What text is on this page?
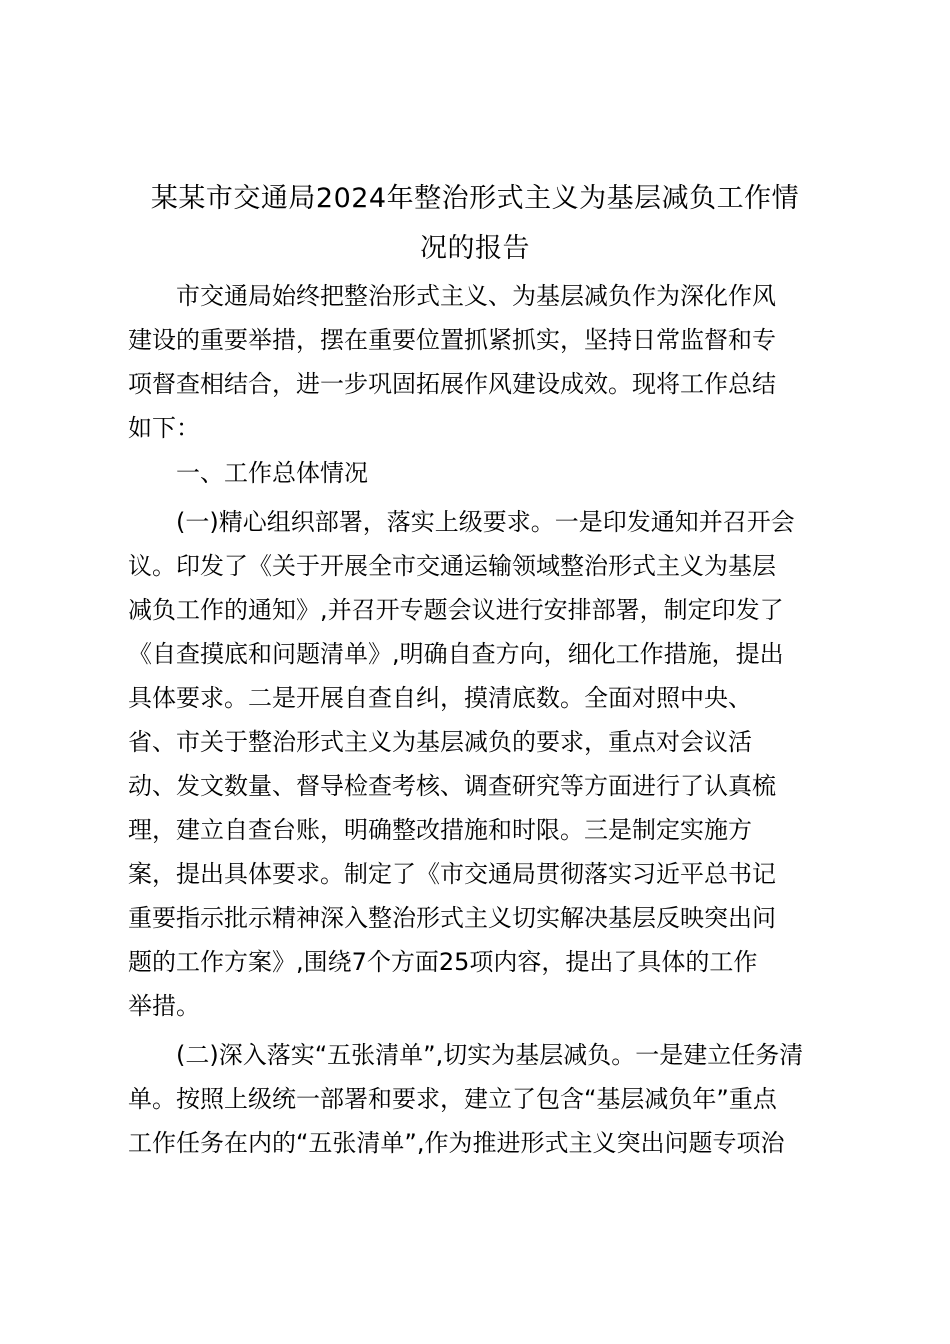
某某市交通局2024年整治形式主义为基层减负工作情
况的报告
市交通局始终把整治形式主义、为基层减负作为深化作风
建设的重要举措，摆在重要位置抓紧抓实，坚持日常监督和专
项督查相结合，进一步巩固拓展作风建设成效。现将工作总结
如下：
一、工作总体情况
(一)精心组织部署，落实上级要求。一是印发通知并召开会
议。印发了《关于开展全市交通运输领域整治形式主义为基层
减负工作的通知》,并召开专题会议进行安排部署，制定印发了
《自查摸底和问题清单》,明确自查方向，细化工作措施，提出
具体要求。二是开展自查自纠，摸清底数。全面对照中央、
省、市关于整治形式主义为基层减负的要求，重点对会议活
动、发文数量、督导检查考核、调查研究等方面进行了认真梳
理，建立自查台账，明确整改措施和时限。三是制定实施方
案，提出具体要求。制定了《市交通局贯彻落实习近平总书记
重要指示批示精神深入整治形式主义切实解决基层反映突出问
题的工作方案》,围绕7个方面25项内容，提出了具体的工作
举措。
(二)深入落实“五张清单”,切实为基层减负。一是建立任务清
单。按照上级统一部署和要求，建立了包含“基层减负年”重点
工作任务在内的“五张清单”,作为推进形式主义突出问题专项治
